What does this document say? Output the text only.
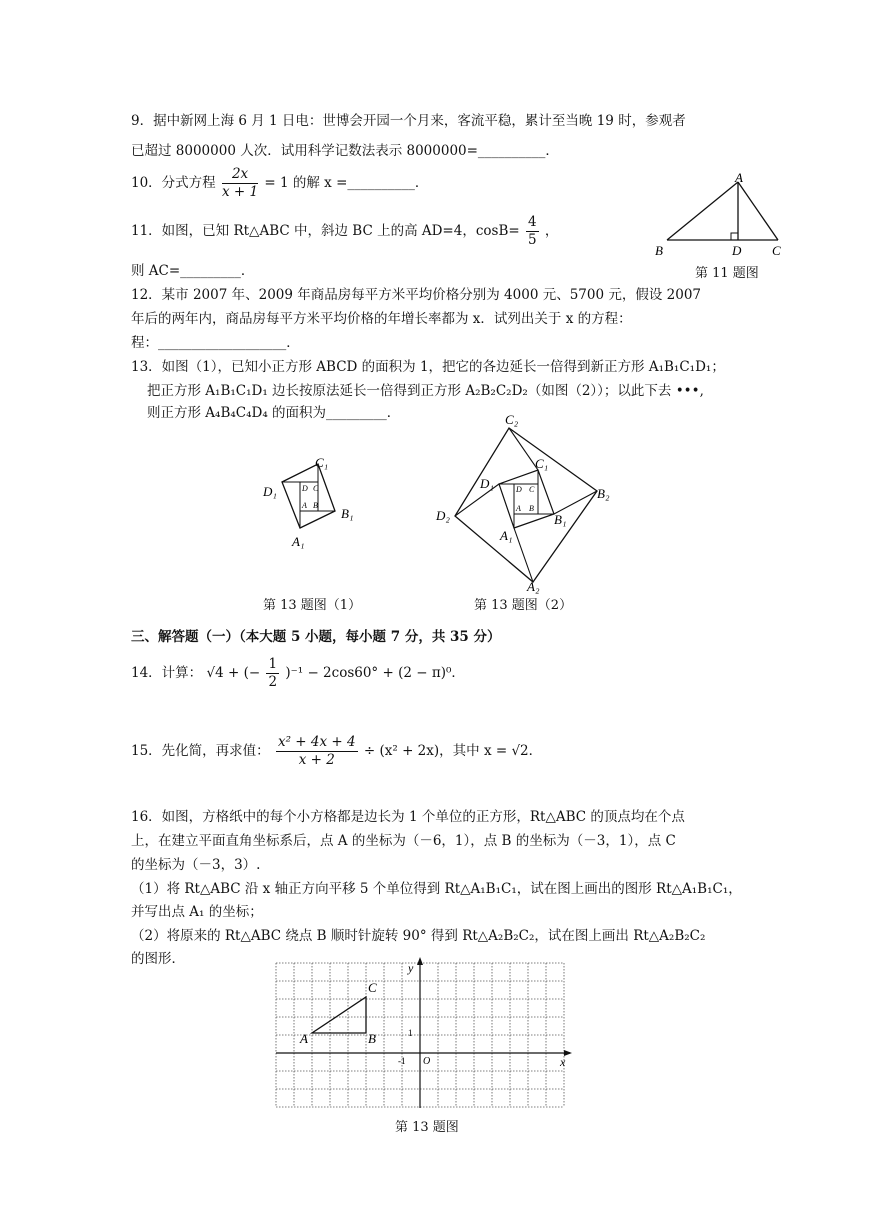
9．据中新网上海 6 月 1 日电：世博会开园一个月来，客流平稳，累计至当晚 19 时，参观者
已超过 8000000 人次．试用科学记数法表示 8000000=__________．
10．分式方程 $\frac{2x}{x + 1} = 1$ 的解 x =__________．
11．如图，已知 Rt△ABC 中，斜边 BC 上的高 AD=4，$\cos B= \frac{4}{5}$ ，
则 AC=_________．
A
B	D C
第 11 题图
12．某市 2007 年、2009 年商品房每平方米平均价格分别为 4000 元、5700 元，假设 2007
年后的两年内，商品房每平方米平均价格的年增长率都为 x．试列出关于 x 的方程：
程：___________________．
13．如图（1），已知小正方形 ABCD 的面积为 1，把它的各边延长一倍得到新正方形 A₁B₁C₁D₁；
把正方形 A₁B₁C₁D₁ 边长按原法延长一倍得到正方形 A₂B₂C₂D₂（如图（2））；以此下去 •••,
则正方形 A₄B₄C₄D₄ 的面积为_________．
C₁
D₁
B₁
A₁
D C
A B
第 13 题图（1）
C₂
C₁
D₁
B₂
D₂	B₁
A₁
A₂
D C
A B
第 13 题图（2）
三、解答题（一）（本大题 5 小题，每小题 7 分，共 35 分）
14．计算： √4 + (− $\frac{1}{2} )^{-1} - 2\cos 60^\circ + (2 - \pi)^0$．
15．先化简，再求值： $\frac{\text{x² + 4x + 4}}{x + 2} \div (x^2 + 2x)$，其中 x = √2．
16．如图，方格纸中的每个小方格都是边长为 1 个单位的正方形，Rt△ABC 的顶点均在个点
上，在建立平面直角坐标系后，点 A 的坐标为（－6，1），点 B 的坐标为（－3，1），点 C
的坐标为（－3，3）.
（1）将 Rt△ABC 沿 x 轴正方向平移 5 个单位得到 Rt△A₁B₁C₁，试在图上画出的图形 Rt△A₁B₁C₁，
并写出点 A₁ 的坐标；
（2）将原来的 Rt△ABC 绕点 B 顺时针旋转 90° 得到 Rt△A₂B₂C₂，试在图上画出 Rt△A₂B₂C₂
的图形．
A	B
C
y
x
O
1
-1
第 13 题图
